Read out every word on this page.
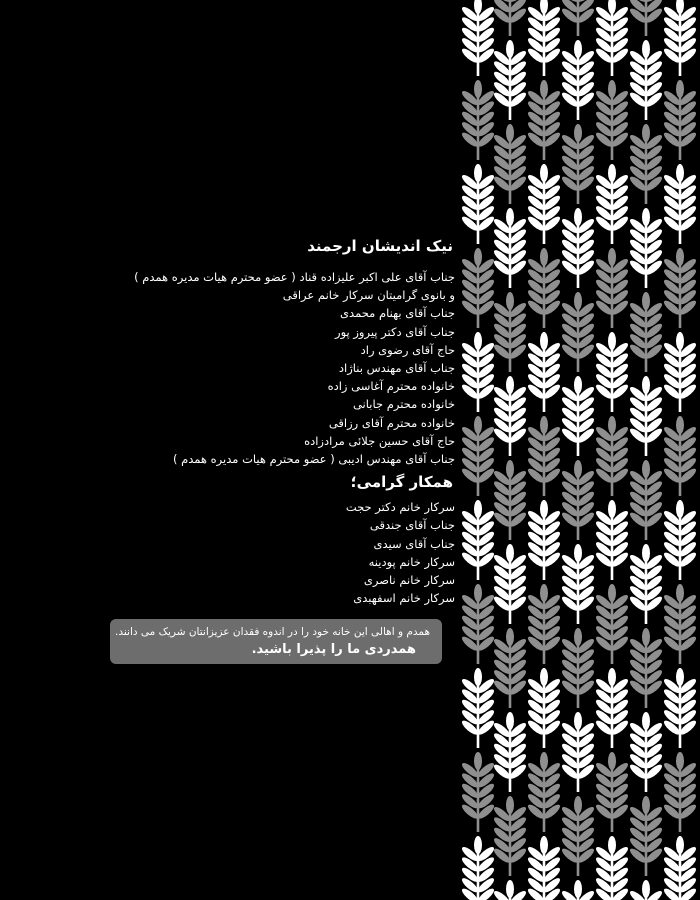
نیک اندیشان ارجمند
جناب آقای علی اکبر علیزاده قناد ( عضو محترم هیات مدیره همدم )
و بانوی گرامیتان سرکار خانم عراقی
جناب آقای بهنام محمدی
جناب آقای دکتر پیروز پور
حاج آقای رضوی راد
جناب آقای مهندس بناژاد
خانواده محترم آغاسی زاده
خانواده محترم جابانی
خانواده محترم آقای رزاقی
حاج آقای حسین جلائی مرادزاده
جناب آقای مهندس ادیبی ( عضو محترم هیات مدیره همدم )
همکار گرامی؛
سرکار خانم دکتر حجت
جناب آقای جندقی
جناب آقای سیدی
سرکار خانم پودینه
سرکار خانم ناصری
سرکار خانم اسفهبدی
همدم و اهالی این خانه خود را در اندوه فقدان عزیزانتان شریک می دانند.
همدردی ما را پذیرا باشید.
